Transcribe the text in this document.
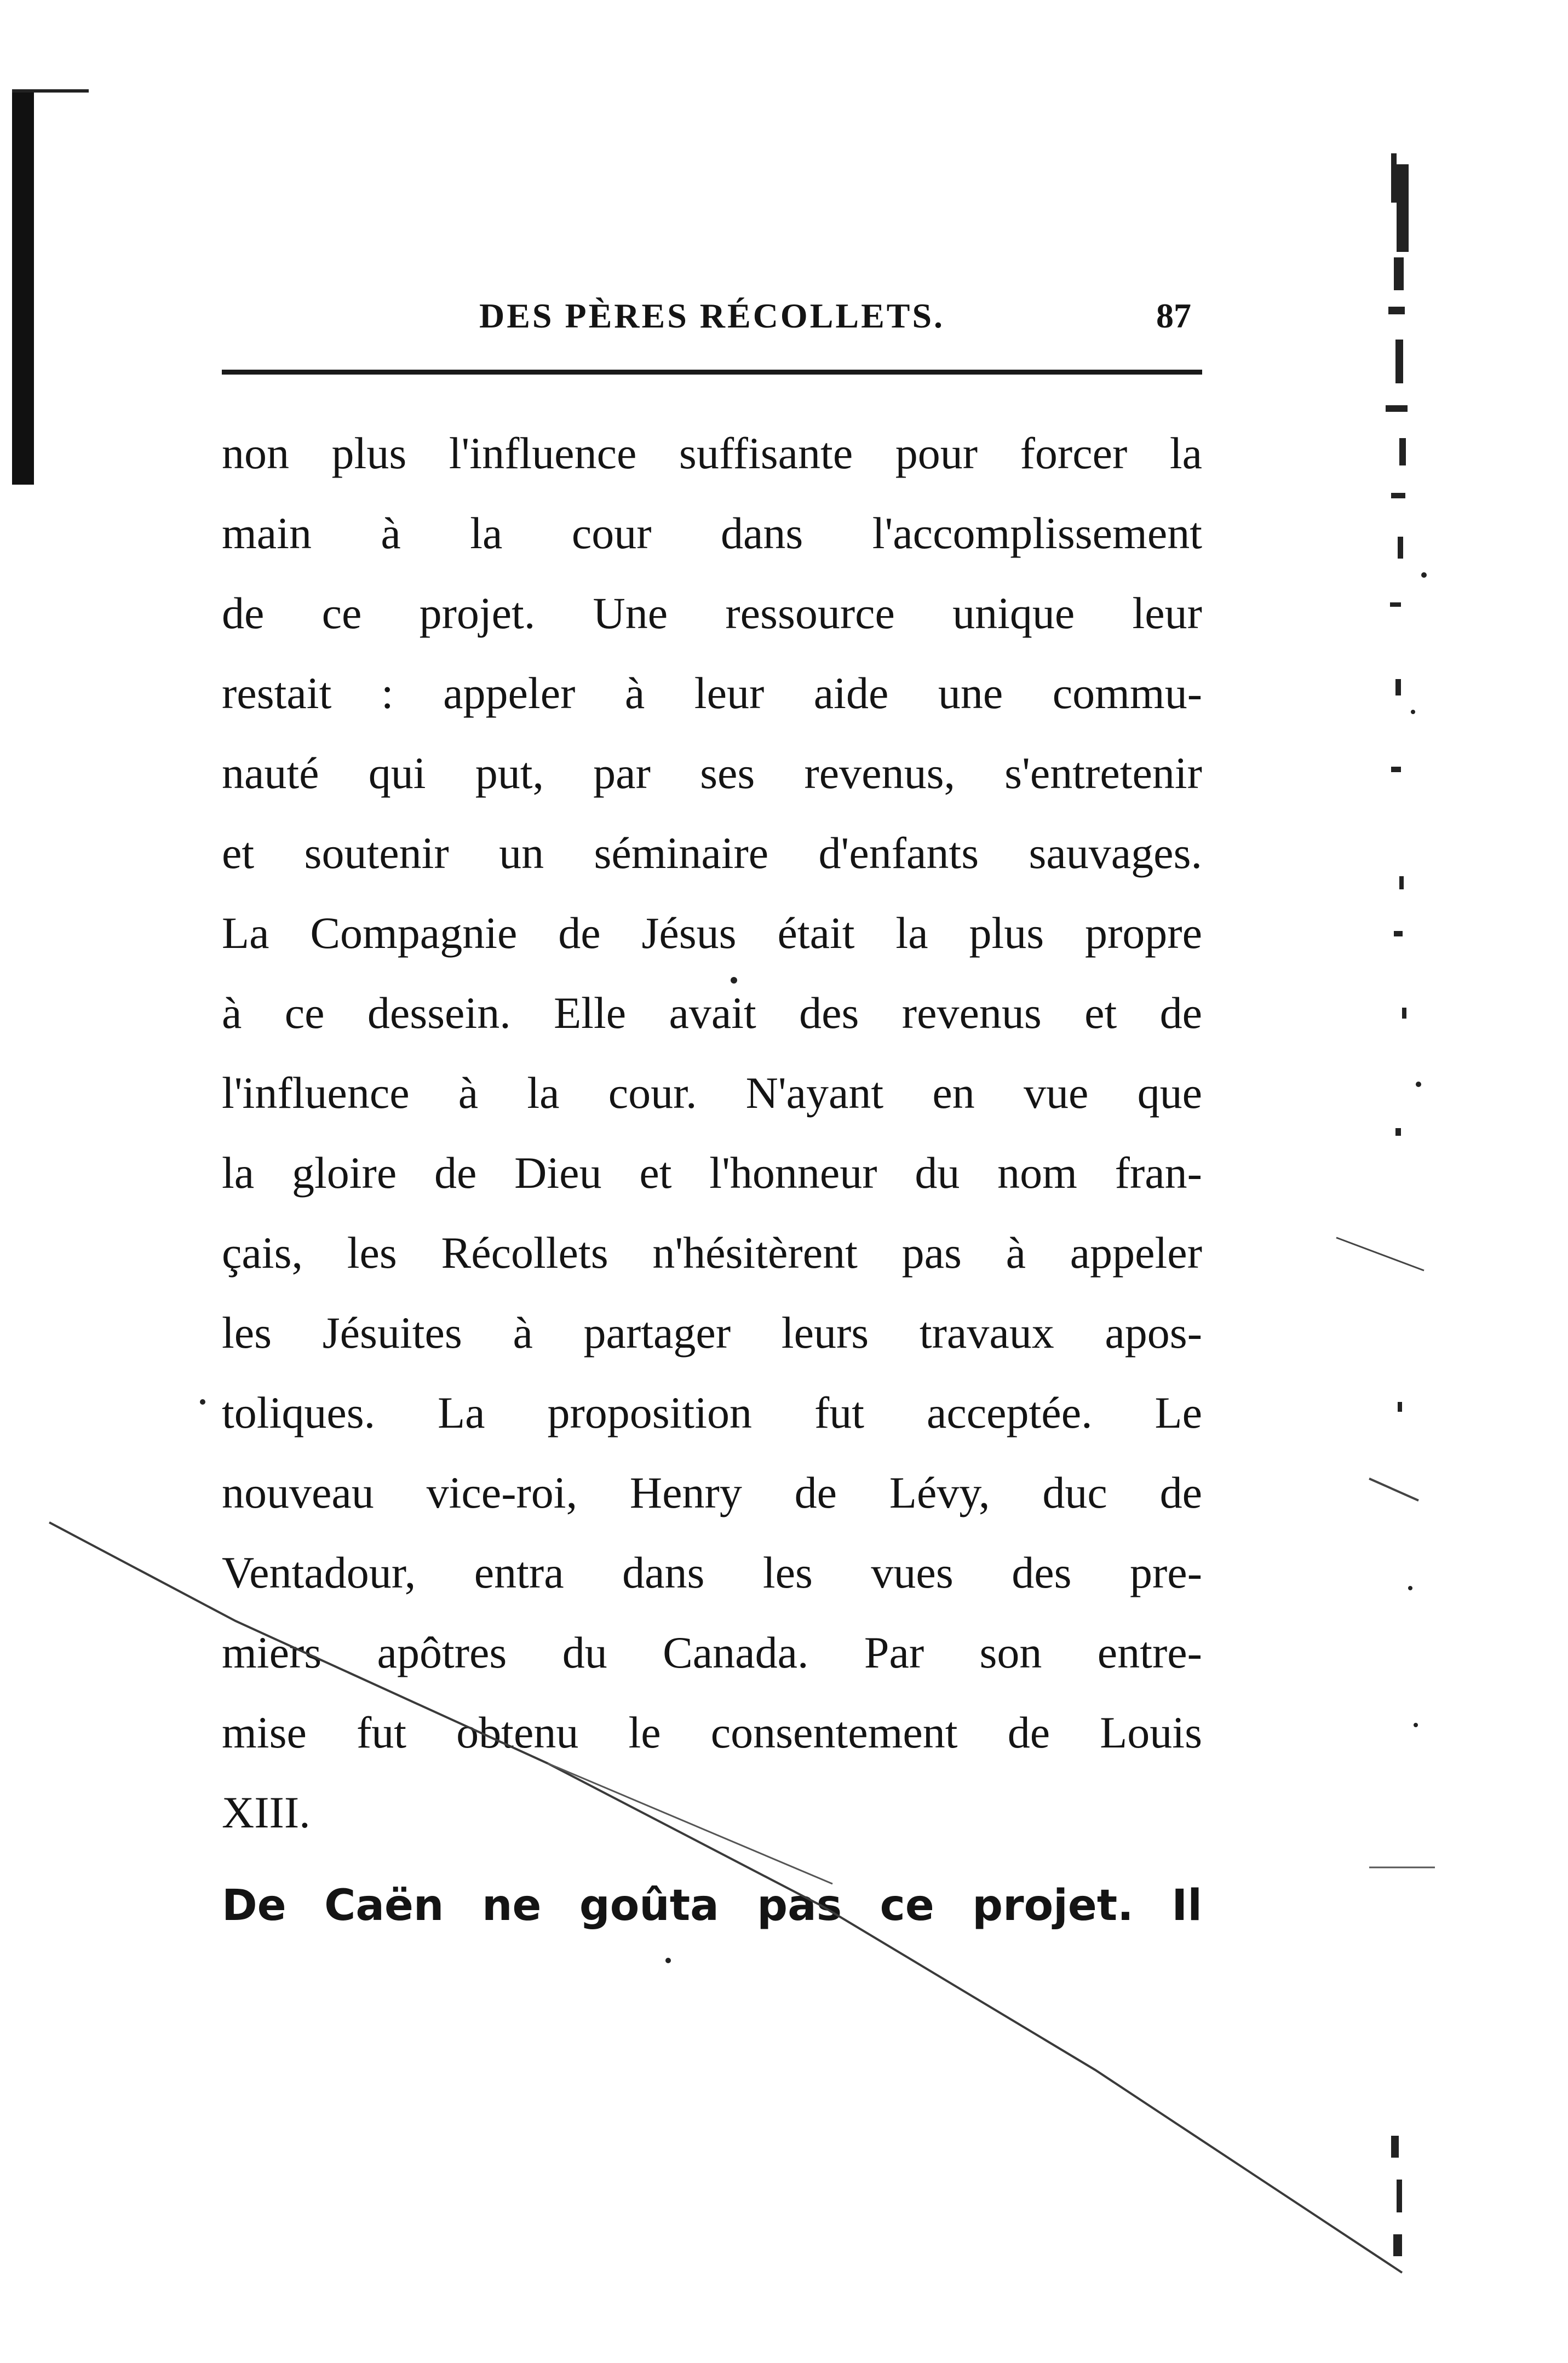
DES PÈRES RÉCOLLETS.	87
non plus l'influence suffisante pour forcer la
main à la cour dans l'accomplissement
de ce projet. Une ressource unique leur
restait : appeler à leur aide une commu-
nauté qui put, par ses revenus, s'entretenir
et soutenir un séminaire d'enfants sauvages.
La Compagnie de Jésus était la plus propre
à ce dessein. Elle avait des revenus et de
l'influence à la cour. N'ayant en vue que
la gloire de Dieu et l'honneur du nom fran-
çais, les Récollets n'hésitèrent pas à appeler
les Jésuites à partager leurs travaux apos-
toliques. La proposition fut acceptée. Le
nouveau vice-roi, Henry de Lévy, duc de
Ventadour, entra dans les vues des pre-
miers apôtres du Canada. Par son entre-
mise fut obtenu le consentement de Louis
XIII.
De Caën ne goûta pas ce projet. Il
